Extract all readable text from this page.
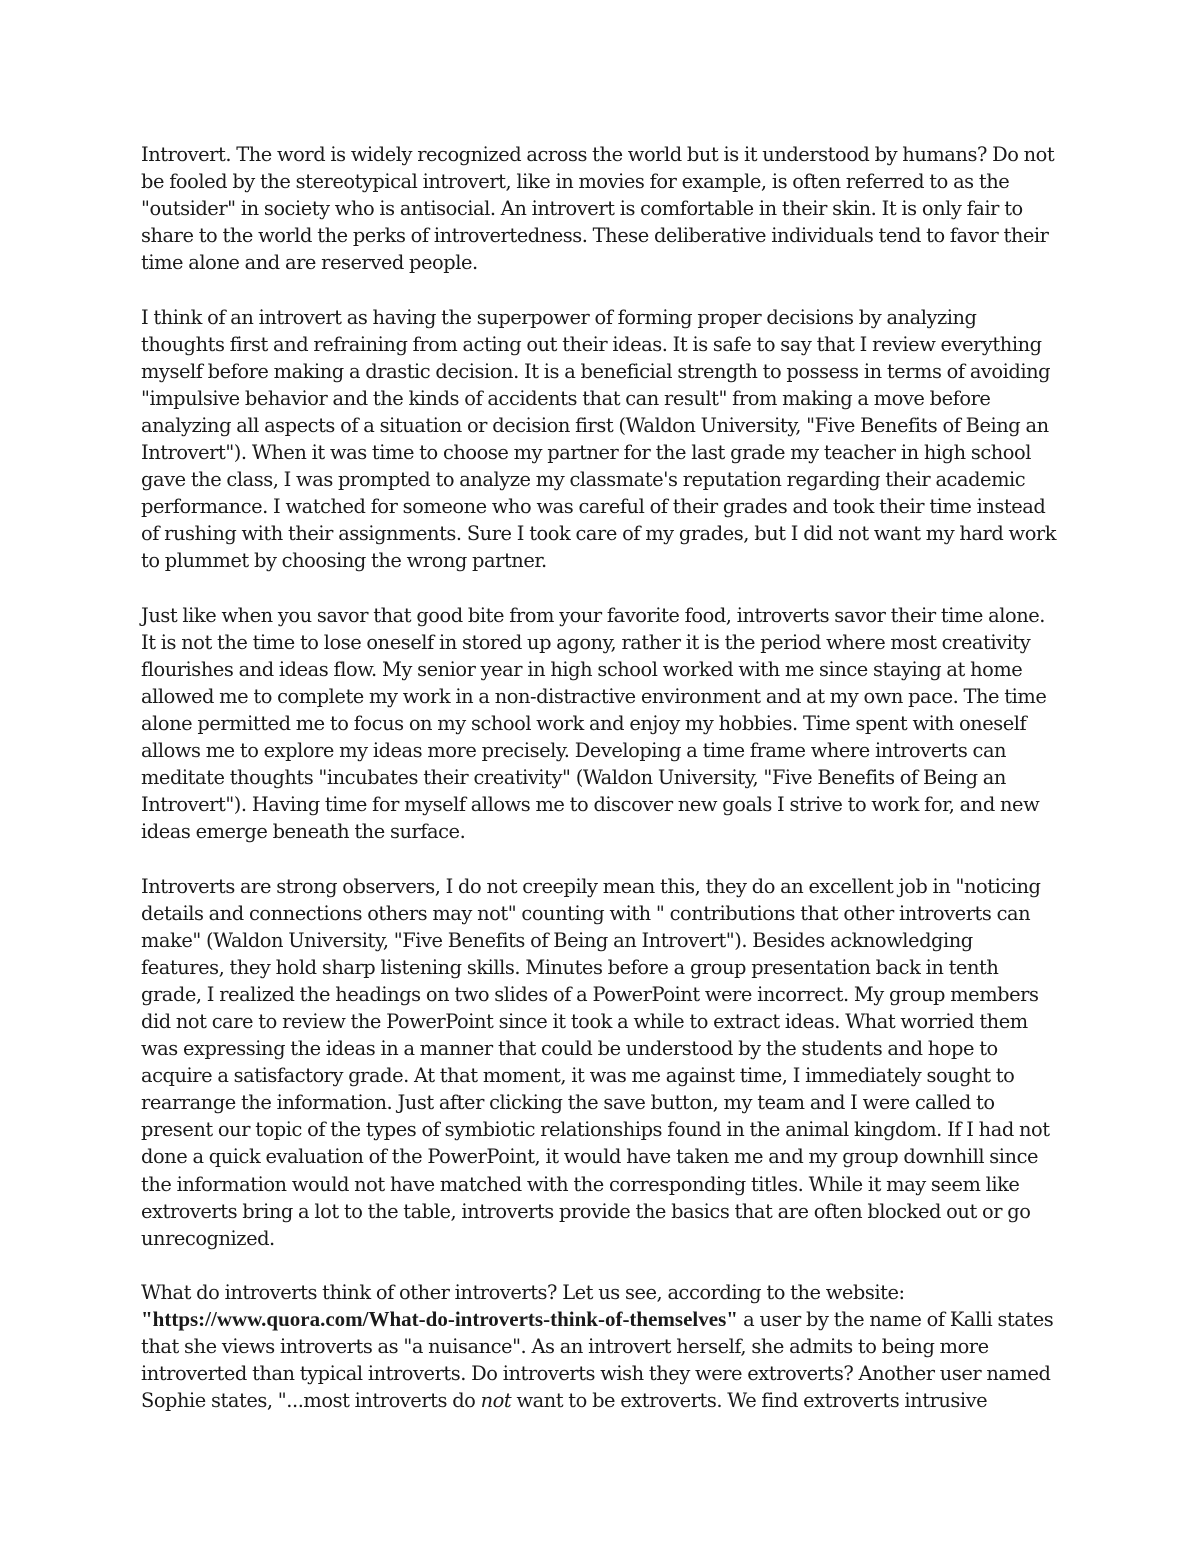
Introvert. The word is widely recognized across the world but is it understood by humans? Do not be fooled by the stereotypical introvert, like in movies for example, is often referred to as the "outsider" in society who is antisocial. An introvert is comfortable in their skin. It is only fair to share to the world the perks of introvertedness. These deliberative individuals tend to favor their time alone and are reserved people.

I think of an introvert as having the superpower of forming proper decisions by analyzing thoughts first and refraining from acting out their ideas. It is safe to say that I review everything myself before making a drastic decision. It is a beneficial strength to possess in terms of avoiding "impulsive behavior and the kinds of accidents that can result" from making a move before analyzing all aspects of a situation or decision first (Waldon University, "Five Benefits of Being an Introvert"). When it was time to choose my partner for the last grade my teacher in high school gave the class, I was prompted to analyze my classmate's reputation regarding their academic performance. I watched for someone who was careful of their grades and took their time instead of rushing with their assignments. Sure I took care of my grades, but I did not want my hard work to plummet by choosing the wrong partner.

Just like when you savor that good bite from your favorite food, introverts savor their time alone. It is not the time to lose oneself in stored up agony, rather it is the period where most creativity flourishes and ideas flow. My senior year in high school worked with me since staying at home allowed me to complete my work in a non-distractive environment and at my own pace. The time alone permitted me to focus on my school work and enjoy my hobbies. Time spent with oneself allows me to explore my ideas more precisely. Developing a time frame where introverts can meditate thoughts "incubates their creativity" (Waldon University, "Five Benefits of Being an Introvert"). Having time for myself allows me to discover new goals I strive to work for, and new ideas emerge beneath the surface.

Introverts are strong observers, I do not creepily mean this, they do an excellent job in "noticing details and connections others may not" counting with " contributions that other introverts can make" (Waldon University, "Five Benefits of Being an Introvert"). Besides acknowledging features, they hold sharp listening skills. Minutes before a group presentation back in tenth grade, I realized the headings on two slides of a PowerPoint were incorrect. My group members did not care to review the PowerPoint since it took a while to extract ideas. What worried them was expressing the ideas in a manner that could be understood by the students and hope to acquire a satisfactory grade. At that moment, it was me against time, I immediately sought to rearrange the information. Just after clicking the save button, my team and I were called to present our topic of the types of symbiotic relationships found in the animal kingdom. If I had not done a quick evaluation of the PowerPoint, it would have taken me and my group downhill since the information would not have matched with the corresponding titles. While it may seem like extroverts bring a lot to the table, introverts provide the basics that are often blocked out or go unrecognized.

What do introverts think of other introverts? Let us see, according to the website: "https://www.quora.com/What-do-introverts-think-of-themselves" a user by the name of Kalli states that she views introverts as "a nuisance". As an introvert herself, she admits to being more introverted than typical introverts. Do introverts wish they were extroverts? Another user named Sophie states, "...most introverts do not want to be extroverts. We find extroverts intrusive
